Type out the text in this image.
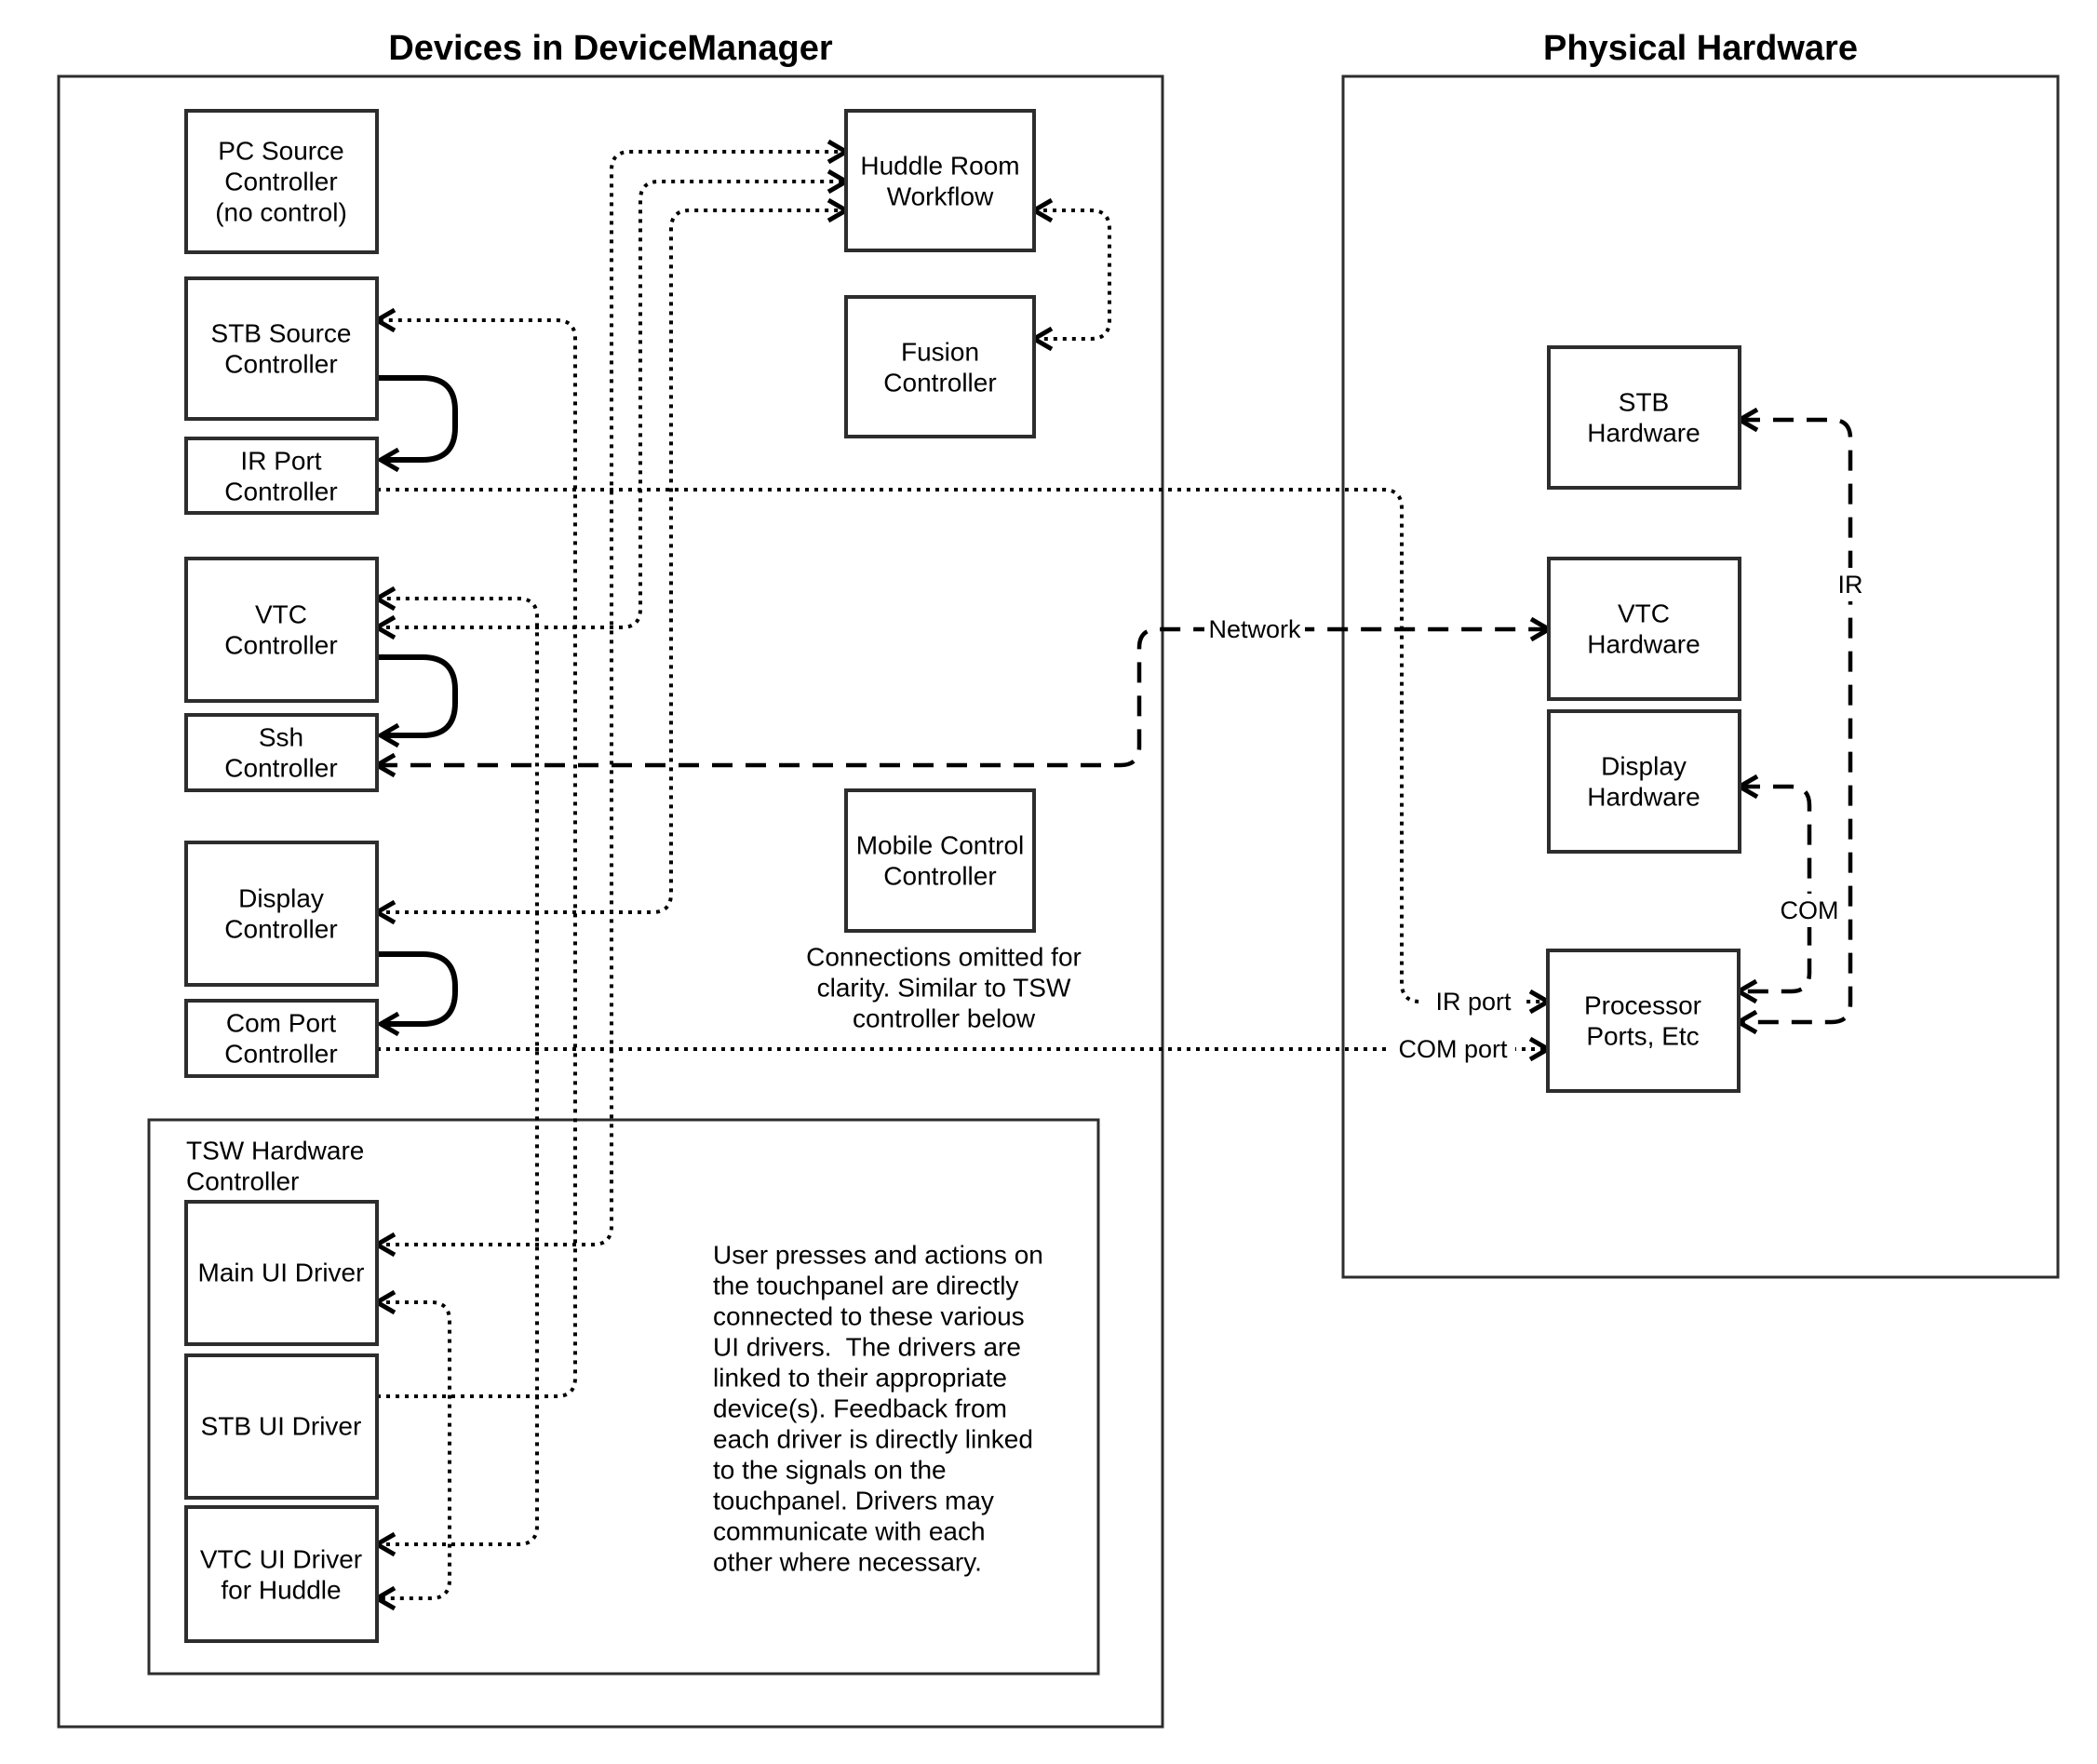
Devices in DeviceManager	Physical Hardware
TSW Hardware
Controller
Network
IR
COM
IR port
COM port
PC Source
Controller
(no control)
STB Source
Controller
IR Port
Controller
VTC
Controller
Ssh
Controller
Display
Controller
Com Port
Controller
Huddle Room
Workflow
Fusion
Controller
Mobile Control
Controller
Connections omitted for
clarity. Similar to TSW
controller below
Main UI Driver
STB UI Driver
VTC UI Driver
for Huddle
User presses and actions on
the touchpanel are directly
connected to these various
UI drivers.  The drivers are
linked to their appropriate
device(s). Feedback from
each driver is directly linked
to the signals on the
touchpanel. Drivers may
communicate with each
other where necessary.
STB
Hardware
VTC
Hardware
Display
Hardware
Processor
Ports, Etc
